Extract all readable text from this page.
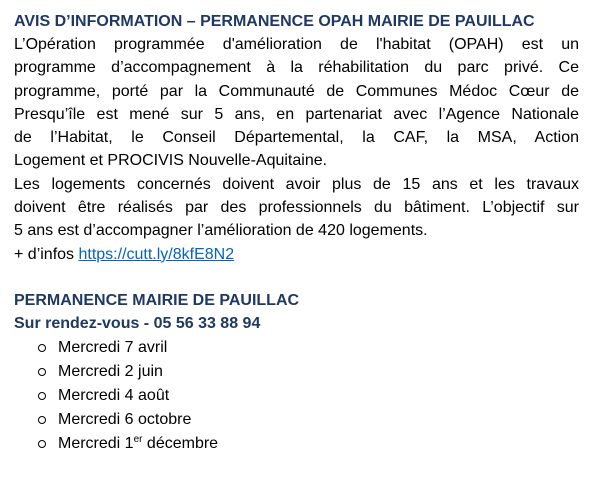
AVIS D’INFORMATION – PERMANENCE OPAH MAIRIE DE PAUILLAC
L’Opération programmée d'amélioration de l'habitat (OPAH) est un
programme d’accompagnement à la réhabilitation du parc privé. Ce
programme, porté par la Communauté de Communes Médoc Cœur de
Presqu’île est mené sur 5 ans, en partenariat avec l’Agence Nationale
de l’Habitat, le Conseil Départemental, la CAF, la MSA, Action
Logement et PROCIVIS Nouvelle-Aquitaine.
Les logements concernés doivent avoir plus de 15 ans et les travaux
doivent être réalisés par des professionnels du bâtiment. L’objectif sur
5 ans est d’accompagner l’amélioration de 420 logements.
+ d’infos https://cutt.ly/8kfE8N2
PERMANENCE MAIRIE DE PAUILLAC
Sur rendez-vous - 05 56 33 88 94
Mercredi 7 avril
Mercredi 2 juin
Mercredi 4 août
Mercredi 6 octobre
Mercredi 1er décembre
